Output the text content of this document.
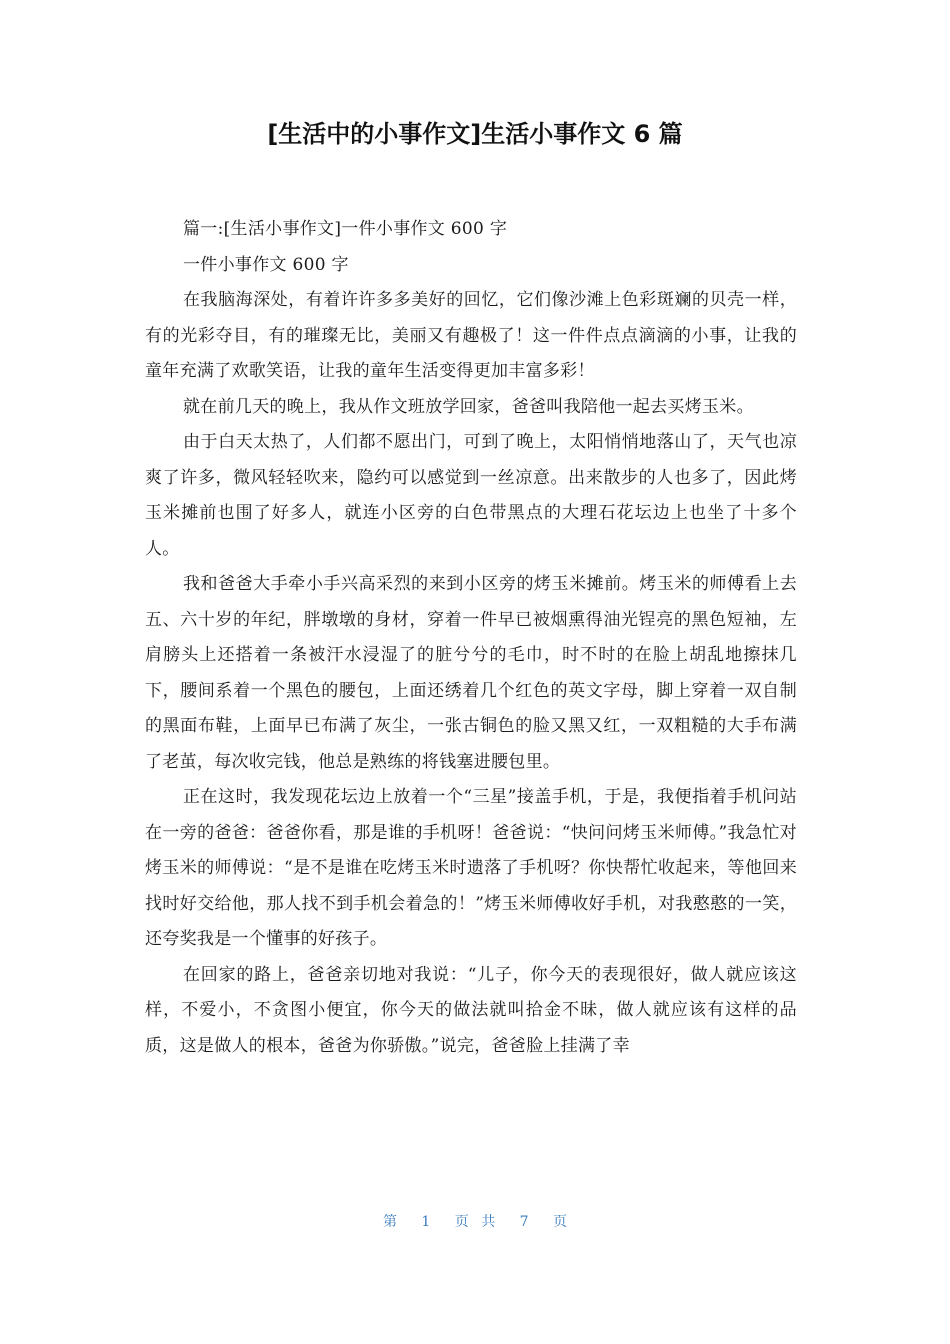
[生活中的小事作文]生活小事作文 6 篇

篇一:[生活小事作文]一件小事作文 600 字

一件小事作文 600 字

在我脑海深处，有着许许多多美好的回忆，它们像沙滩上色彩斑斓的贝壳一样，有的光彩夺目，有的璀璨无比，美丽又有趣极了！这一件件点点滴滴的小事，让我的童年充满了欢歌笑语，让我的童年生活变得更加丰富多彩！

就在前几天的晚上，我从作文班放学回家，爸爸叫我陪他一起去买烤玉米。

由于白天太热了，人们都不愿出门，可到了晚上，太阳悄悄地落山了，天气也凉爽了许多，微风轻轻吹来，隐约可以感觉到一丝凉意。出来散步的人也多了，因此烤玉米摊前也围了好多人，就连小区旁的白色带黑点的大理石花坛边上也坐了十多个人。

我和爸爸大手牵小手兴高采烈的来到小区旁的烤玉米摊前。烤玉米的师傅看上去五、六十岁的年纪，胖墩墩的身材，穿着一件早已被烟熏得油光锃亮的黑色短袖，左肩膀头上还搭着一条被汗水浸湿了的脏兮兮的毛巾，时不时的在脸上胡乱地擦抹几下，腰间系着一个黑色的腰包，上面还绣着几个红色的英文字母，脚上穿着一双自制的黑面布鞋，上面早已布满了灰尘，一张古铜色的脸又黑又红，一双粗糙的大手布满了老茧，每次收完钱，他总是熟练的将钱塞进腰包里。

正在这时，我发现花坛边上放着一个“三星”接盖手机，于是，我便指着手机问站在一旁的爸爸：爸爸你看，那是谁的手机呀！爸爸说：“快问问烤玉米师傅。”我急忙对烤玉米的师傅说：“是不是谁在吃烤玉米时遗落了手机呀？你快帮忙收起来，等他回来找时好交给他，那人找不到手机会着急的！”烤玉米师傅收好手机，对我憨憨的一笑，还夸奖我是一个懂事的好孩子。

在回家的路上，爸爸亲切地对我说：“儿子，你今天的表现很好，做人就应该这样，不爱小，不贪图小便宜，你今天的做法就叫拾金不昧，做人就应该有这样的品质，这是做人的根本，爸爸为你骄傲。”说完，爸爸脸上挂满了幸

第 1 页 共 7 页
